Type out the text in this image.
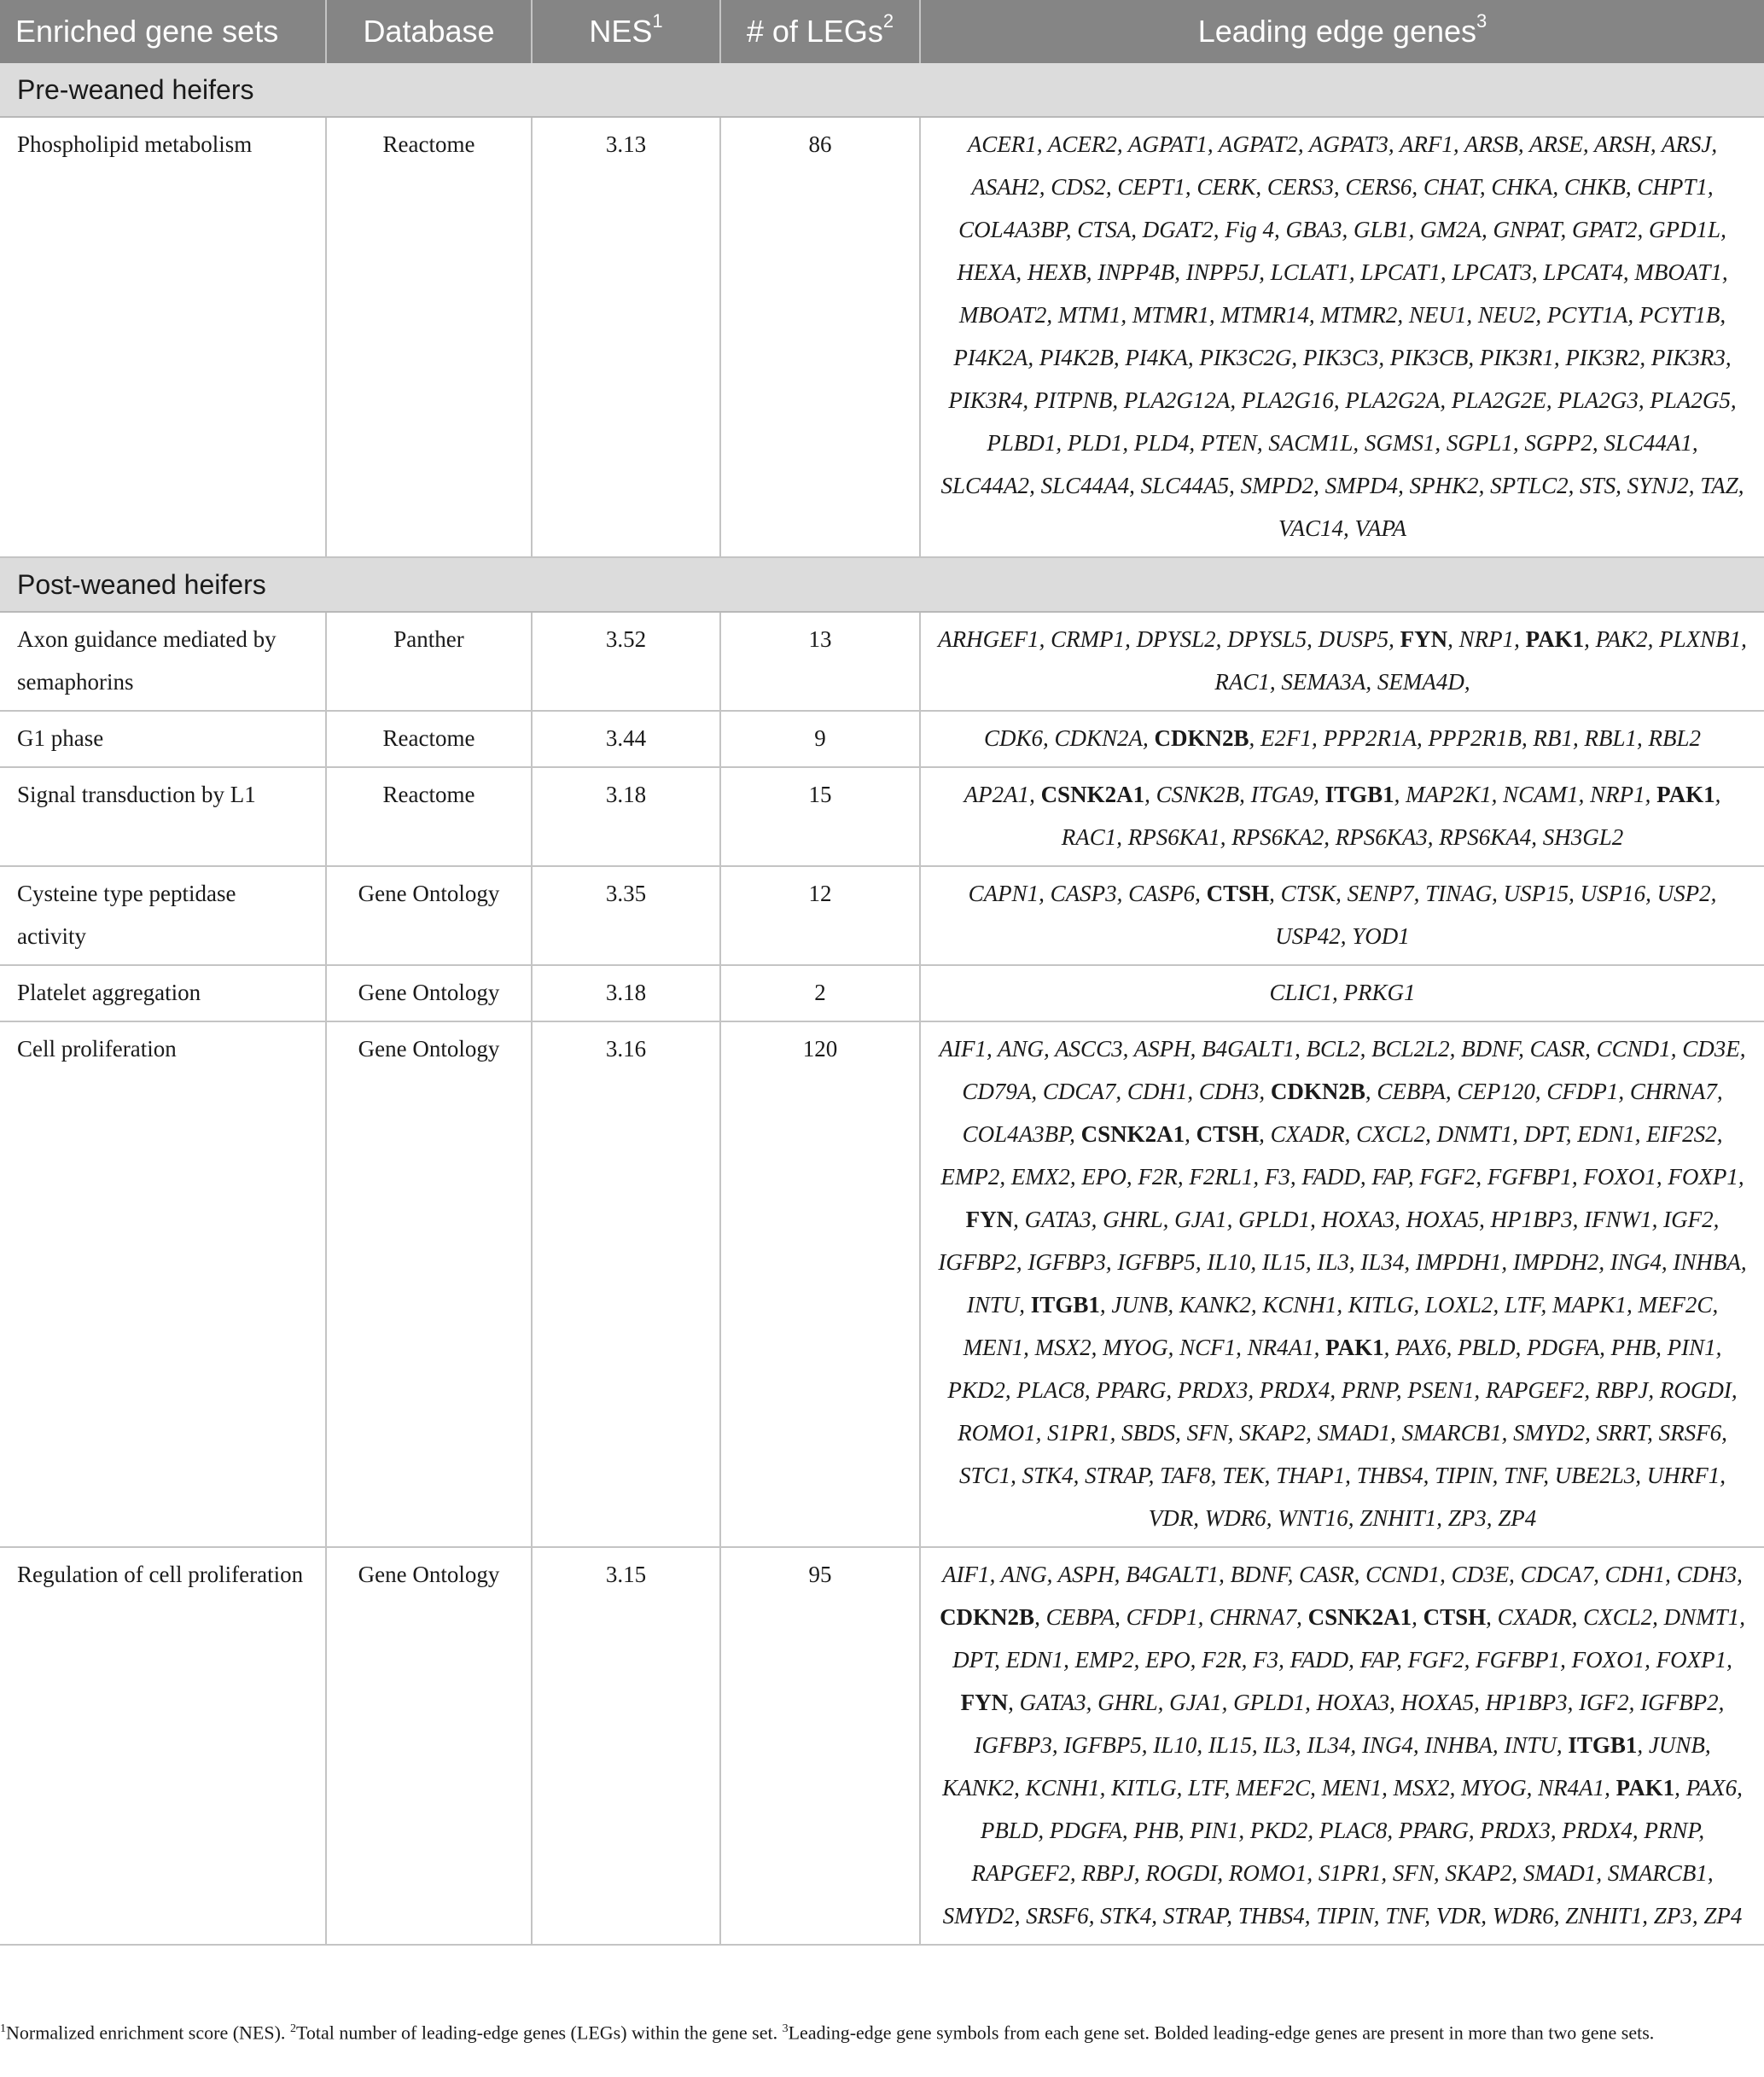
Enriched gene sets	Database	NES$^1$	# of LEGs$^2$	Leading edge genes$^3$
Pre-weaned heifers				
Phospholipid metabolism	Reactome	3.13	86	ACER1, ACER2, AGPAT1, AGPAT2, AGPAT3, ARF1, ARSB, ARSE, ARSH, ARSJ, ASAH2, CDS2, CEPT1, CERK, CERS3, CERS6, CHAT, CHKA, CHKB, CHPT1, COL4A3BP, CTSA, DGAT2, Fig 4, GBA3, GLB1, GM2A, GNPAT, GPAT2, GPD1L, HEXA, HEXB, INPP4B, INPP5J, LCLAT1, LPCAT1, LPCAT3, LPCAT4, MBOAT1, MBOAT2, MTM1, MTMR1, MTMR14, MTMR2, NEU1, NEU2, PCYT1A, PCYT1B, PI4K2A, PI4K2B, PI4KA, PIK3C2G, PIK3C3, PIK3CB, PIK3R1, PIK3R2, PIK3R3, PIK3R4, PITPNB, PLA2G12A, PLA2G16, PLA2G2A, PLA2G2E, PLA2G3, PLA2G5, PLBD1, PLD1, PLD4, PTEN, SACM1L, SGMS1, SGPL1, SGPP2, SLC44A1, SLC44A2, SLC44A4, SLC44A5, SMPD2, SMPD4, SPHK2, SPTLC2, STS, SYNJ2, TAZ, VAC14, VAPA
Post-weaned heifers				
Axon guidance mediated by semaphorins	Panther	3.52	13	ARHGEF1, CRMP1, DPYSL2, DPYSL5, DUSP5, FYN, NRP1, PAK1, PAK2, PLXNB1, RAC1, SEMA3A, SEMA4D,
G1 phase	Reactome	3.44	9	CDK6, CDKN2A, CDKN2B, E2F1, PPP2R1A, PPP2R1B, RB1, RBL1, RBL2
Signal transduction by L1	Reactome	3.18	15	AP2A1, CSNK2A1, CSNK2B, ITGA9, ITGB1, MAP2K1, NCAM1, NRP1, PAK1, RAC1, RPS6KA1, RPS6KA2, RPS6KA3, RPS6KA4, SH3GL2
Cysteine type peptidase activity	Gene Ontology	3.35	12	CAPN1, CASP3, CASP6, CTSH, CTSK, SENP7, TINAG, USP15, USP16, USP2, USP42, YOD1
Platelet aggregation	Gene Ontology	3.18	2	CLIC1, PRKG1
Cell proliferation	Gene Ontology	3.16	120	AIF1, ANG, ASCC3, ASPH, B4GALT1, BCL2, BCL2L2, BDNF, CASR, CCND1, CD3E, CD79A, CDCA7, CDH1, CDH3, CDKN2B, CEBPA, CEP120, CFDP1, CHRNA7, COL4A3BP, CSNK2A1, CTSH, CXADR, CXCL2, DNMT1, DPT, EDN1, EIF2S2, EMP2, EMX2, EPO, F2R, F2RL1, F3, FADD, FAP, FGF2, FGFBP1, FOXO1, FOXP1, FYN, GATA3, GHRL, GJA1, GPLD1, HOXA3, HOXA5, HP1BP3, IFNW1, IGF2, IGFBP2, IGFBP3, IGFBP5, IL10, IL15, IL3, IL34, IMPDH1, IMPDH2, ING4, INHBA, INTU, ITGB1, JUNB, KANK2, KCNH1, KITLG, LOXL2, LTF, MAPK1, MEF2C, MEN1, MSX2, MYOG, NCF1, NR4A1, PAK1, PAX6, PBLD, PDGFA, PHB, PIN1, PKD2, PLAC8, PPARG, PRDX3, PRDX4, PRNP, PSEN1, RAPGEF2, RBPJ, ROGDI, ROMO1, S1PR1, SBDS, SFN, SKAP2, SMAD1, SMARCB1, SMYD2, SRRT, SRSF6, STC1, STK4, STRAP, TAF8, TEK, THAP1, THBS4, TIPIN, TNF, UBE2L3, UHRF1, VDR, WDR6, WNT16, ZNHIT1, ZP3, ZP4
Regulation of cell proliferation	Gene Ontology	3.15	95	AIF1, ANG, ASPH, B4GALT1, BDNF, CASR, CCND1, CD3E, CDCA7, CDH1, CDH3, CDKN2B, CEBPA, CFDP1, CHRNA7, CSNK2A1, CTSH, CXADR, CXCL2, DNMT1, DPT, EDN1, EMP2, EPO, F2R, F3, FADD, FAP, FGF2, FGFBP1, FOXO1, FOXP1, FYN, GATA3, GHRL, GJA1, GPLD1, HOXA3, HOXA5, HP1BP3, IGF2, IGFBP2, IGFBP3, IGFBP5, IL10, IL15, IL3, IL34, ING4, INHBA, INTU, ITGB1, JUNB, KANK2, KCNH1, KITLG, LTF, MEF2C, MEN1, MSX2, MYOG, NR4A1, PAK1, PAX6, PBLD, PDGFA, PHB, PIN1, PKD2, PLAC8, PPARG, PRDX3, PRDX4, PRNP, RAPGEF2, RBPJ, ROGDI, ROMO1, S1PR1, SFN, SKAP2, SMAD1, SMARCB1, SMYD2, SRSF6, STK4, STRAP, THBS4, TIPIN, TNF, VDR, WDR6, ZNHIT1, ZP3, ZP4
$^1$Normalized enrichment score (NES). $^2$Total number of leading-edge genes (LEGs) within the gene set. $^3$Leading-edge gene symbols from each gene set. Bolded leading-edge genes are present in more than two gene sets.
